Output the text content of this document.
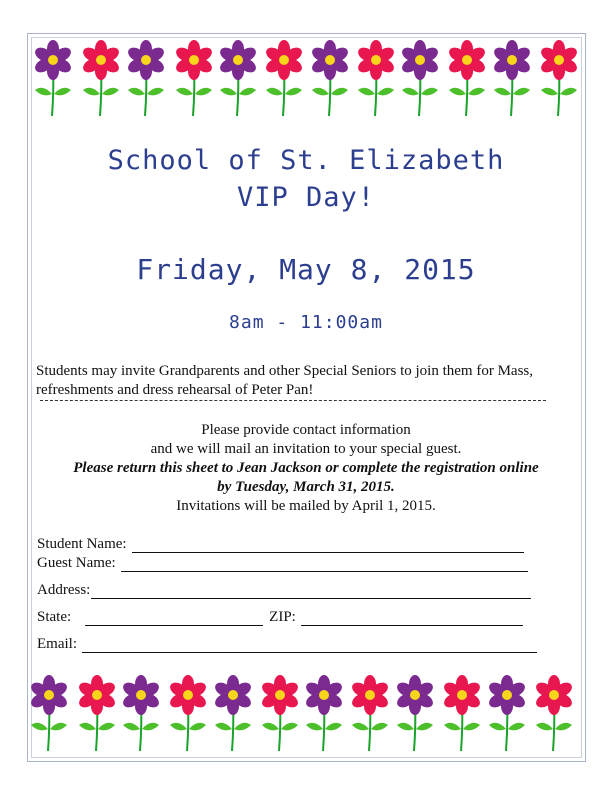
School of St. Elizabeth
VIP Day!
Friday, May 8, 2015
8am - 11:00am
Students may invite Grandparents and other Special Seniors to join them for Mass, refreshments and dress rehearsal of Peter Pan!
Please provide contact information
and we will mail an invitation to your special guest.
Please return this sheet to Jean Jackson or complete the registration online
by Tuesday, March 31, 2015.
Invitations will be mailed by April 1, 2015.
Student Name:
Guest Name:
Address:
State:	ZIP:
Email:
